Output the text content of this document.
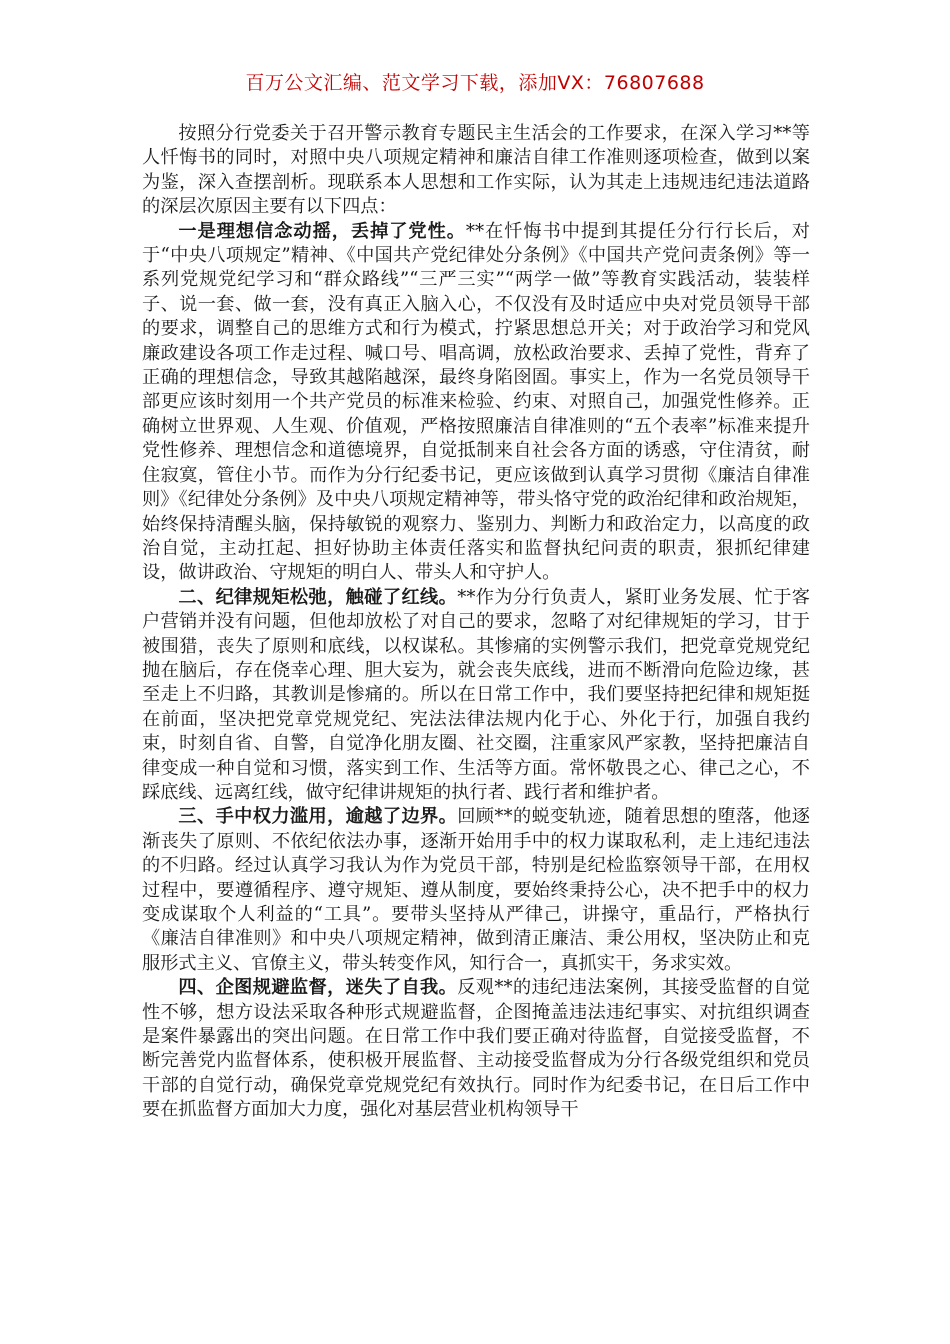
百万公文汇编、范文学习下载，添加VX：76807688

按照分行党委关于召开警示教育专题民主生活会的工作要求，在深入学习**等人忏悔书的同时，对照中央八项规定精神和廉洁自律工作准则逐项检查，做到以案为鉴，深入查摆剖析。现联系本人思想和工作实际，认为其走上违规违纪违法道路的深层次原因主要有以下四点：

一是理想信念动摇，丢掉了党性。**在忏悔书中提到其提任分行行长后，对于“中央八项规定”精神、《中国共产党纪律处分条例》《中国共产党问责条例》等一系列党规党纪学习和“群众路线”“三严三实”“两学一做”等教育实践活动，装装样子、说一套、做一套，没有真正入脑入心，不仅没有及时适应中央对党员领导干部的要求，调整自己的思维方式和行为模式，拧紧思想总开关；对于政治学习和党风廉政建设各项工作走过程、喊口号、唱高调，放松政治要求、丢掉了党性，背弃了正确的理想信念，导致其越陷越深，最终身陷囹圄。事实上，作为一名党员领导干部更应该时刻用一个共产党员的标准来检验、约束、对照自己，加强党性修养。正确树立世界观、人生观、价值观，严格按照廉洁自律准则的“五个表率”标准来提升党性修养、理想信念和道德境界，自觉抵制来自社会各方面的诱惑，守住清贫，耐住寂寞，管住小节。而作为分行纪委书记，更应该做到认真学习贯彻《廉洁自律准则》《纪律处分条例》及中央八项规定精神等，带头恪守党的政治纪律和政治规矩，始终保持清醒头脑，保持敏锐的观察力、鉴别力、判断力和政治定力，以高度的政治自觉，主动扛起、担好协助主体责任落实和监督执纪问责的职责，狠抓纪律建设，做讲政治、守规矩的明白人、带头人和守护人。

二、纪律规矩松弛，触碰了红线。**作为分行负责人，紧盯业务发展、忙于客户营销并没有问题，但他却放松了对自己的要求，忽略了对纪律规矩的学习，甘于被围猎，丧失了原则和底线，以权谋私。其惨痛的实例警示我们，把党章党规党纪抛在脑后，存在侥幸心理、胆大妄为，就会丧失底线，进而不断滑向危险边缘，甚至走上不归路，其教训是惨痛的。所以在日常工作中，我们要坚持把纪律和规矩挺在前面，坚决把党章党规党纪、宪法法律法规内化于心、外化于行，加强自我约束，时刻自省、自警，自觉净化朋友圈、社交圈，注重家风严家教，坚持把廉洁自律变成一种自觉和习惯，落实到工作、生活等方面。常怀敬畏之心、律己之心，不踩底线、远离红线，做守纪律讲规矩的执行者、践行者和维护者。

三、手中权力滥用，逾越了边界。回顾**的蜕变轨迹，随着思想的堕落，他逐渐丧失了原则、不依纪依法办事，逐渐开始用手中的权力谋取私利，走上违纪违法的不归路。经过认真学习我认为作为党员干部，特别是纪检监察领导干部，在用权过程中，要遵循程序、遵守规矩、遵从制度，要始终秉持公心，决不把手中的权力变成谋取个人利益的“工具”。要带头坚持从严律己，讲操守，重品行，严格执行《廉洁自律准则》和中央八项规定精神，做到清正廉洁、秉公用权，坚决防止和克服形式主义、官僚主义，带头转变作风，知行合一，真抓实干，务求实效。

四、企图规避监督，迷失了自我。反观**的违纪违法案例，其接受监督的自觉性不够，想方设法采取各种形式规避监督，企图掩盖违法违纪事实、对抗组织调查是案件暴露出的突出问题。在日常工作中我们要正确对待监督，自觉接受监督，不断完善党内监督体系，使积极开展监督、主动接受监督成为分行各级党组织和党员干部的自觉行动，确保党章党规党纪有效执行。同时作为纪委书记，在日后工作中要在抓监督方面加大力度，强化对基层营业机构领导干
